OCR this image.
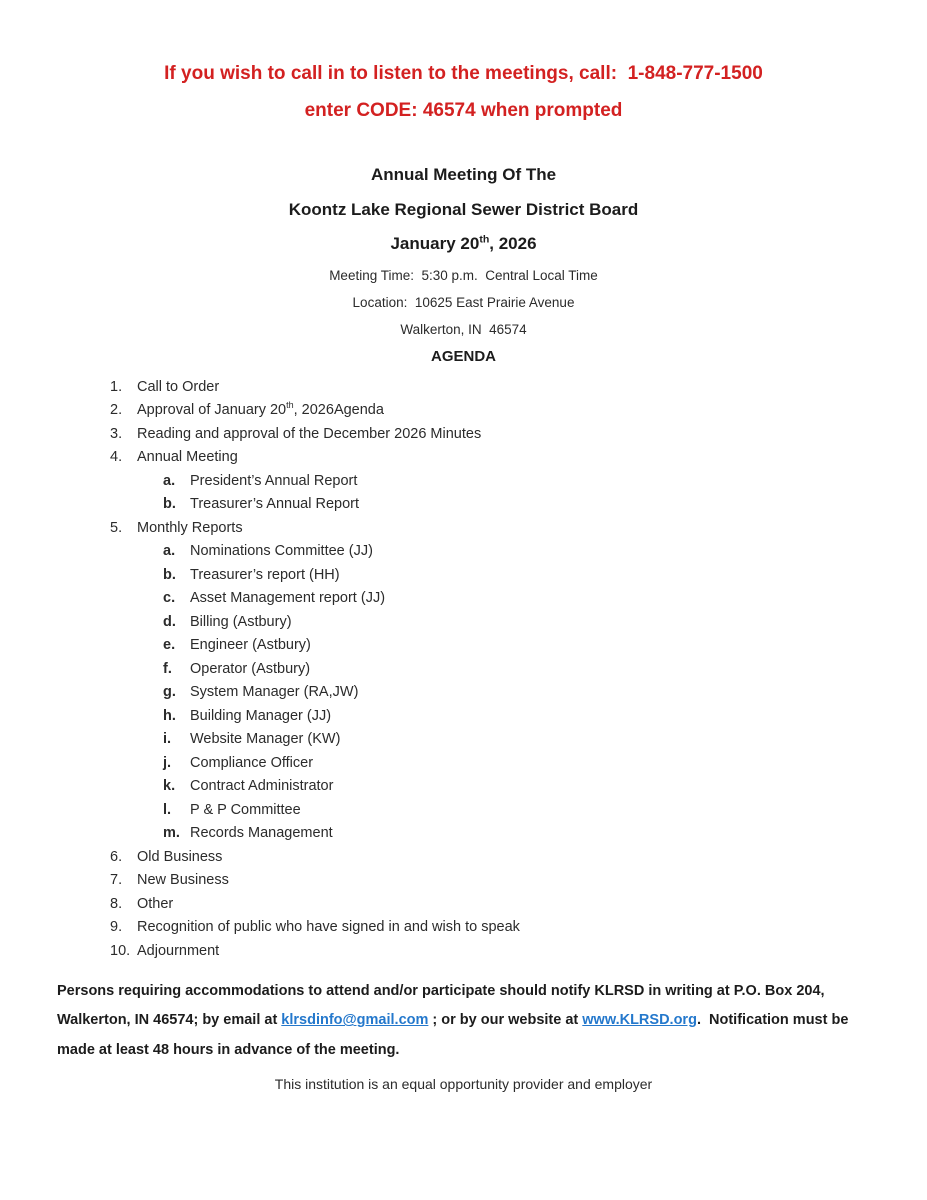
If you wish to call in to listen to the meetings, call:  1-848-777-1500
enter CODE: 46574 when prompted
Annual Meeting Of The
Koontz Lake Regional Sewer District Board
January 20th, 2026
Meeting Time:  5:30 p.m.  Central Local Time
Location:  10625 East Prairie Avenue
Walkerton, IN  46574
AGENDA
1.	Call to Order
2.	Approval of January 20th, 2026Agenda
3.	Reading and approval of the December 2026 Minutes
4.	Annual Meeting
a.	President’s Annual Report
b. Treasurer’s Annual Report
5.	Monthly Reports
a.	Nominations Committee (JJ)
b. Treasurer’s report (HH)
c.	Asset Management report (JJ)
d. Billing (Astbury)
e.	Engineer (Astbury)
f.	Operator (Astbury)
g. System Manager (RA,JW)
h. Building Manager (JJ)
i.	Website Manager (KW)
j.	Compliance Officer
k.	Contract Administrator
l.	P & P Committee
m. Records Management
6.	Old Business
7.	New Business
8.	Other
9.	Recognition of public who have signed in and wish to speak
10. Adjournment

Persons requiring accommodations to attend and/or participate should notify KLRSD in writing at P.O. Box 204, Walkerton, IN 46574; by email at klrsdinfo@gmail.com ; or by our website at www.KLRSD.org.  Notification must be made at least 48 hours in advance of the meeting.

This institution is an equal opportunity provider and employer
